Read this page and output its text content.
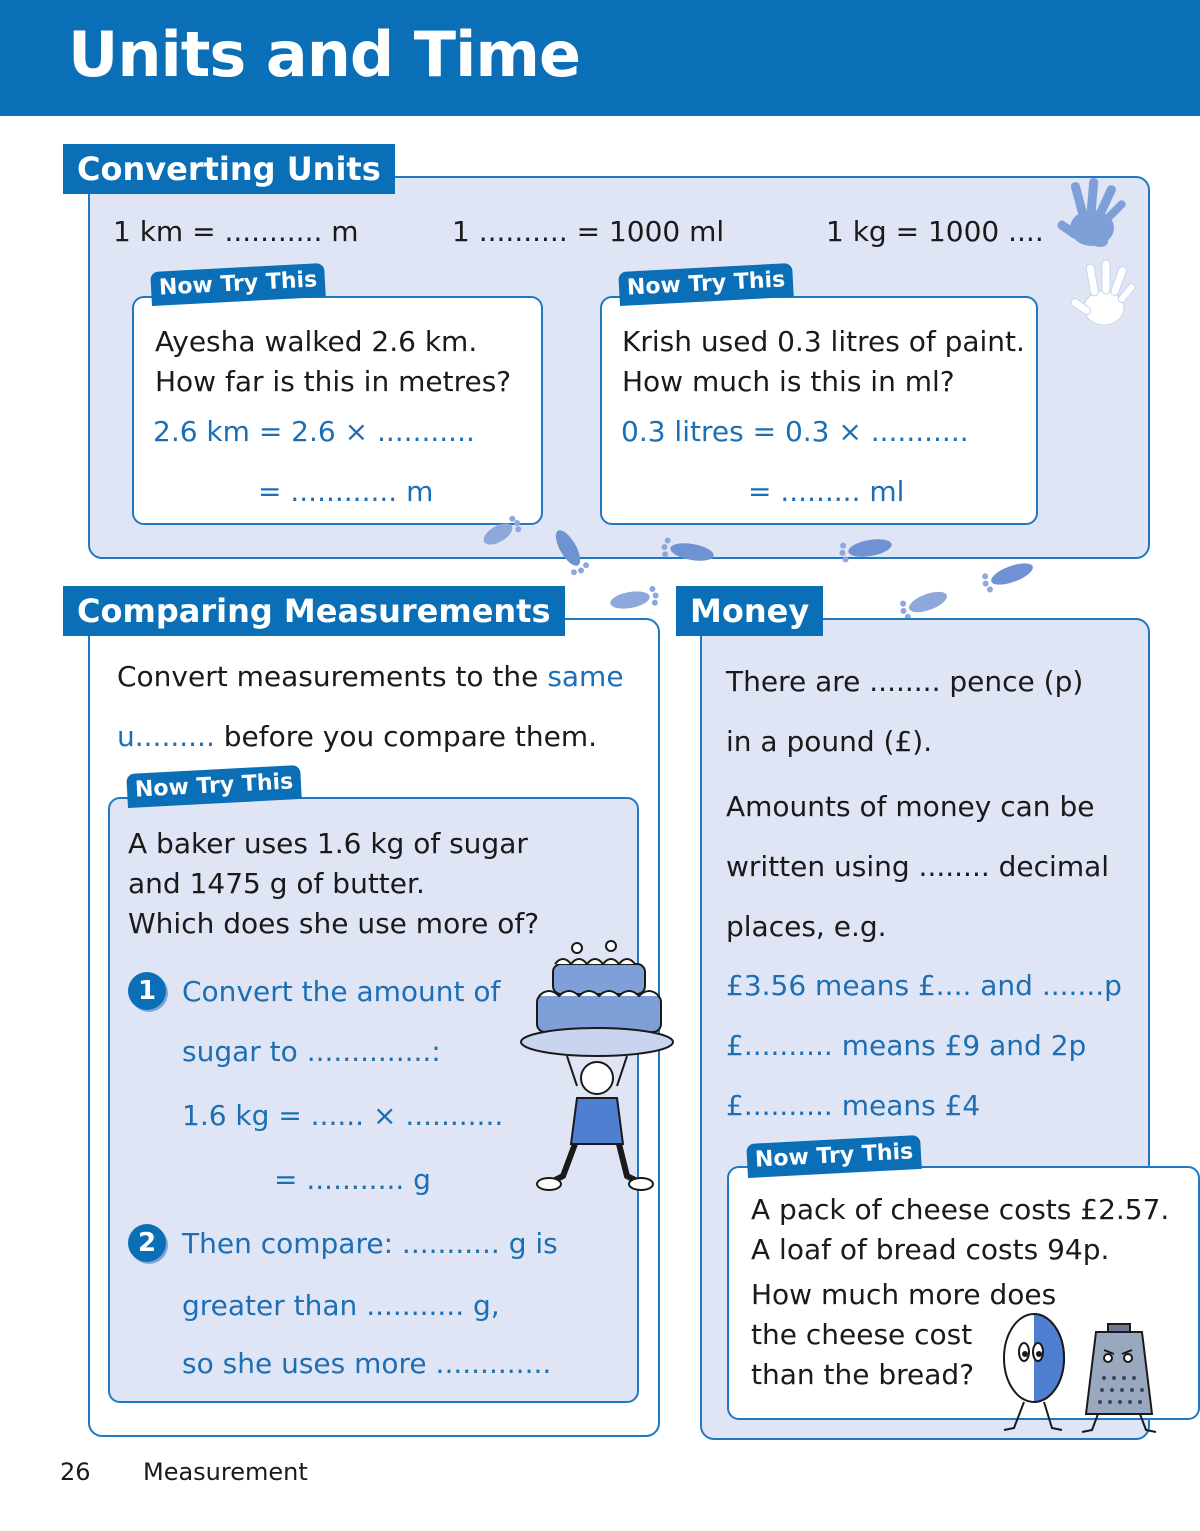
Units and Time
Converting Units
1 km = ........... m	1 .......... = 1000 ml	1 kg = 1000 ....
Now Try This
Ayesha walked 2.6 km.
How far is this in metres?
2.6 km = 2.6 × ...........
= ............ m
Now Try This
Krish used 0.3 litres of paint.
How much is this in ml?
0.3 litres = 0.3 × ...........
= ......... ml
Comparing Measurements
Convert measurements to the same
u......... before you compare them.
Now Try This
A baker uses 1.6 kg of sugar
and 1475 g of butter.
Which does she use more of?
1 Convert the amount of
sugar to ..............:
1.6 kg = ...... × ...........
= ........... g
2 Then compare: ........... g is
greater than ........... g,
so she uses more .............
Money
There are ........ pence (p)
in a pound (£).
Amounts of money can be
written using ........ decimal
places, e.g.
£3.56 means £.... and .......p
£.......... means £9 and 2p
£.......... means £4
Now Try This
A pack of cheese costs £2.57.
A loaf of bread costs 94p.
How much more does
the cheese cost
than the bread?
26 Measurement
